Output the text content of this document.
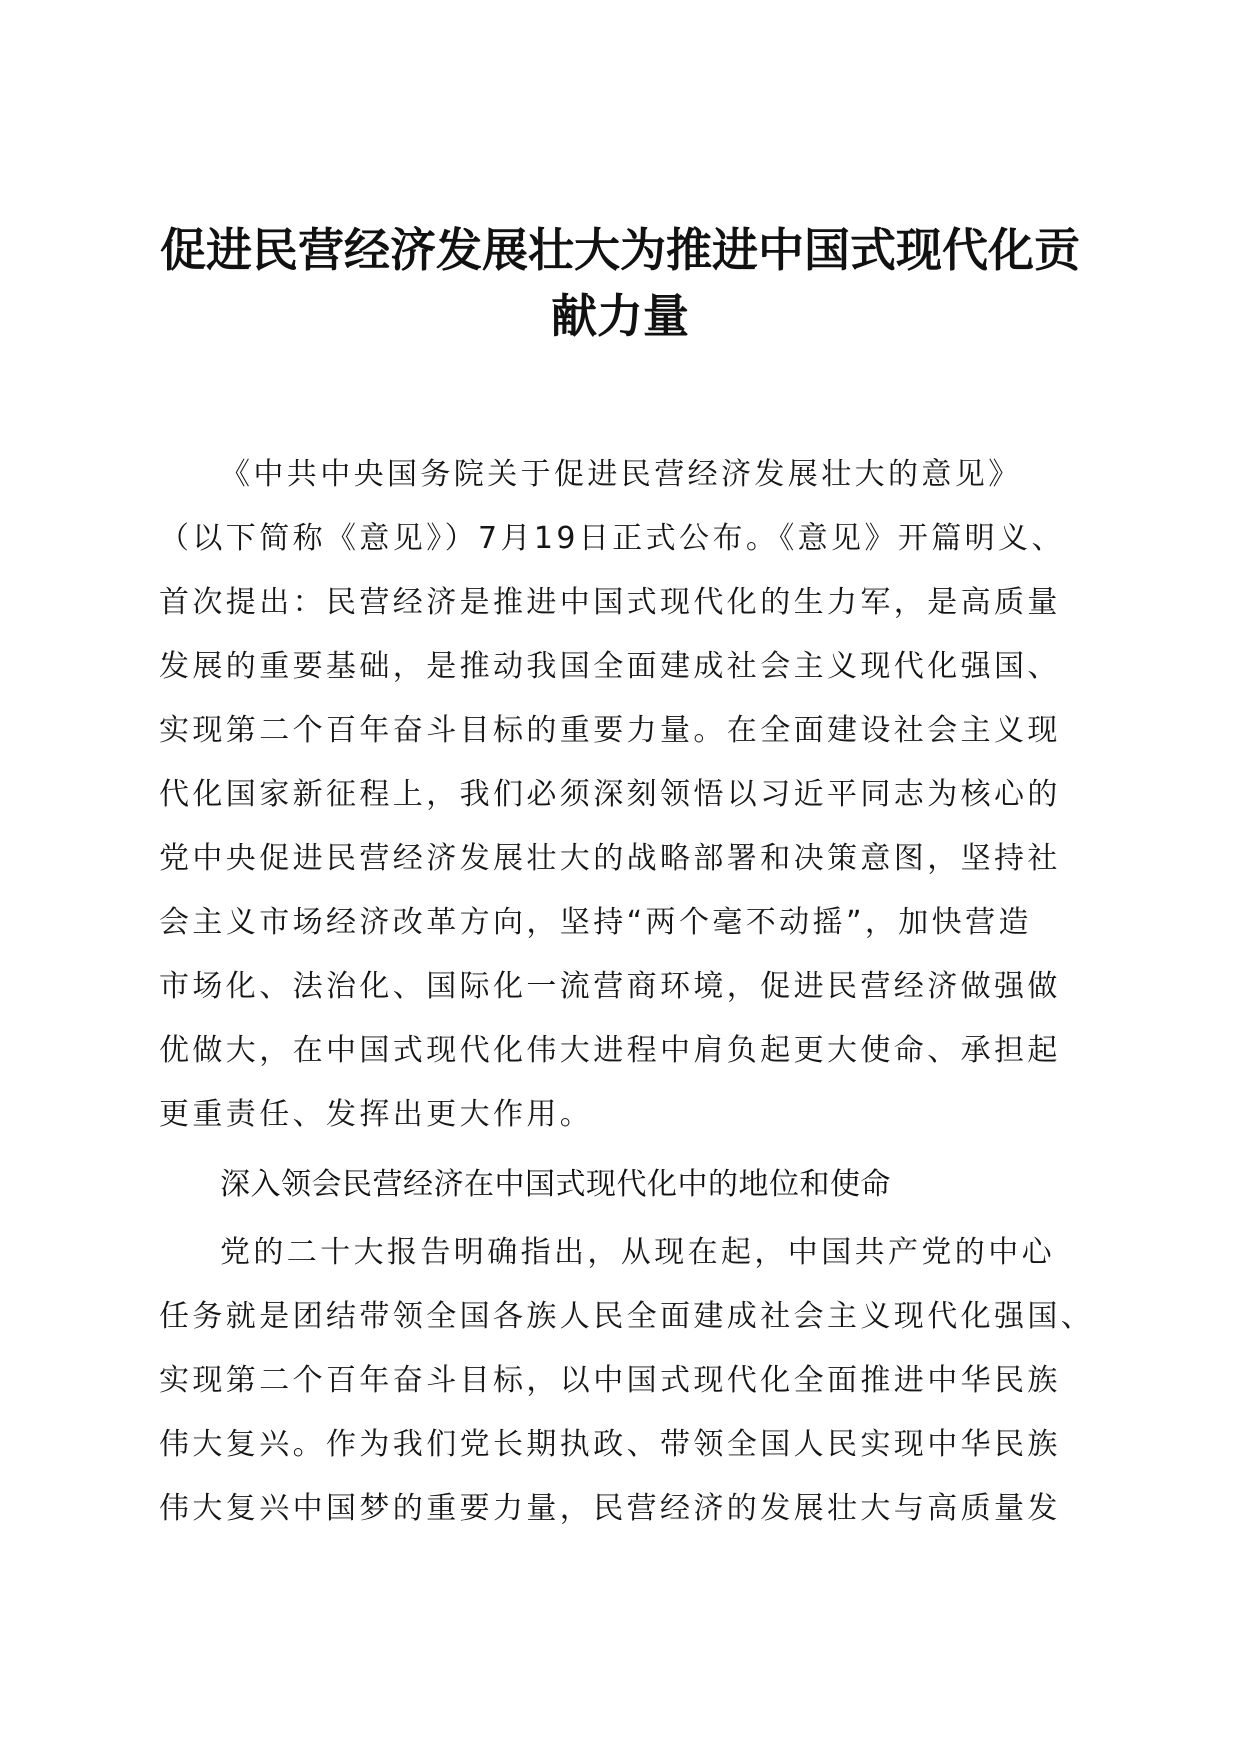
促进民营经济发展壮大为推进中国式现代化贡
献力量
《中共中央国务院关于促进民营经济发展壮大的意见》
（以下简称《意见》）7月19日正式公布。《意见》开篇明义、
首次提出：民营经济是推进中国式现代化的生力军，是高质量
发展的重要基础，是推动我国全面建成社会主义现代化强国、
实现第二个百年奋斗目标的重要力量。在全面建设社会主义现
代化国家新征程上，我们必须深刻领悟以习近平同志为核心的
党中央促进民营经济发展壮大的战略部署和决策意图，坚持社
会主义市场经济改革方向，坚持“两个毫不动摇”，加快营造
市场化、法治化、国际化一流营商环境，促进民营经济做强做
优做大，在中国式现代化伟大进程中肩负起更大使命、承担起
更重责任、发挥出更大作用。
深入领会民营经济在中国式现代化中的地位和使命
党的二十大报告明确指出，从现在起，中国共产党的中心
任务就是团结带领全国各族人民全面建成社会主义现代化强国、
实现第二个百年奋斗目标，以中国式现代化全面推进中华民族
伟大复兴。作为我们党长期执政、带领全国人民实现中华民族
伟大复兴中国梦的重要力量，民营经济的发展壮大与高质量发
